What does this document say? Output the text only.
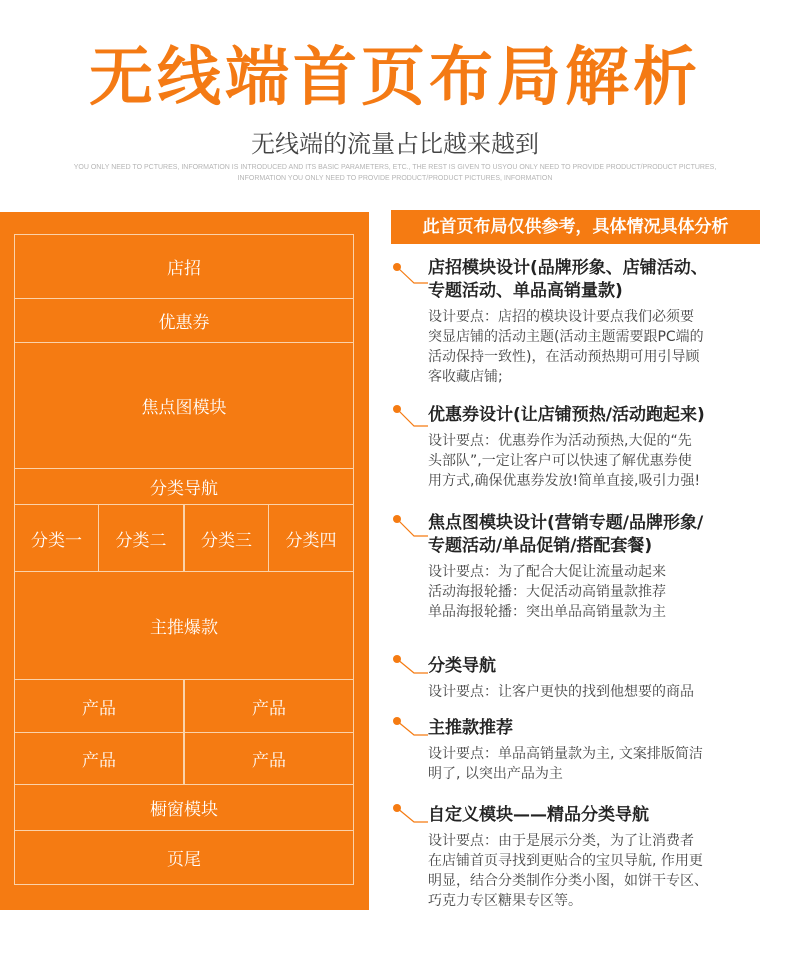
无线端首页布局解析
无线端的流量占比越来越到
YOU ONLY NEED TO PCTURES, INFORMATION IS INTRODUCED AND ITS BASIC PARAMETERS, ETC., THE REST IS GIVEN TO USYOU ONLY NEED TO PROVIDE PRODUCT/PRODUCT PICTURES, INFORMATION YOU ONLY NEED TO PROVIDE PRODUCT/PRODUCT PICTURES, INFORMATION
店招
优惠券
焦点图模块
分类导航
分类一 分类二 分类三 分类四
主推爆款
产品	产品
产品	产品
橱窗模块
页尾
此首页布局仅供参考，具体情况具体分析
店招模块设计(品牌形象、店铺活动、
专题活动、单品高销量款)
设计要点：店招的模块设计要点我们必须要
突显店铺的活动主题(活动主题需要跟PC端的
活动保持一致性)，在活动预热期可用引导顾
客收藏店铺;
优惠券设计(让店铺预热/活动跑起来)
设计要点：优惠券作为活动预热,大促的“先
头部队”,一定让客户可以快速了解优惠券使
用方式,确保优惠券发放!简单直接,吸引力强!
焦点图模块设计(营销专题/品牌形象/
专题活动/单品促销/搭配套餐)
设计要点：为了配合大促让流量动起来
活动海报轮播：大促活动高销量款推荐
单品海报轮播：突出单品高销量款为主
分类导航
设计要点：让客户更快的找到他想要的商品
主推款推荐
设计要点：单品高销量款为主, 文案排版简洁
明了, 以突出产品为主
自定义模块——精品分类导航
设计要点：由于是展示分类，为了让消费者
在店铺首页寻找到更贴合的宝贝导航, 作用更
明显，结合分类制作分类小图，如饼干专区、
巧克力专区糖果专区等。
